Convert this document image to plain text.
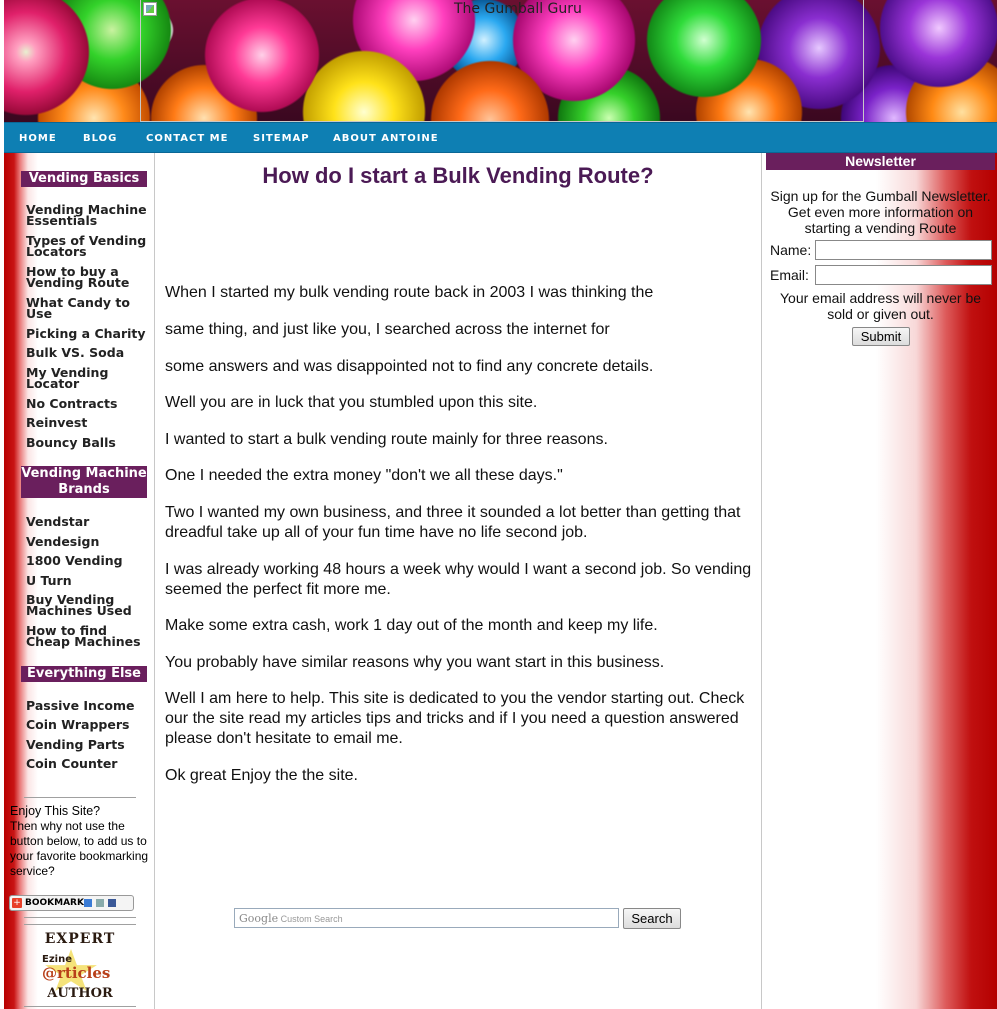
The Gumball Guru
HOME	BLOG	CONTACT ME SITEMAP ABOUT ANTOINE
Vending Basics
Vending Machine Essentials
Types of Vending Locators
How to buy a Vending Route
What Candy to Use
Picking a Charity
Bulk VS. Soda
My Vending Locator
No Contracts
Reinvest
Bouncy Balls
Vending Machine Brands
Vendstar
Vendesign
1800 Vending
U Turn
Buy Vending Machines Used
How to find Cheap Machines
Everything Else
Passive Income
Coin Wrappers
Vending Parts
Coin Counter
Enjoy This Site?
Then why not use the button below, to add us to your favorite bookmarking service?
+ BOOKMARK
EXPERT
Ezine
@rticles
AUTHOR
How do I start a Bulk Vending Route?
When I started my bulk vending route back in 2003 I was thinking the
same thing, and just like you, I searched across the internet for
some answers and was disappointed not to find any concrete details.
Well you are in luck that you stumbled upon this site.
I wanted to start a bulk vending route mainly for three reasons.
One I needed the extra money "don't we all these days."
Two I wanted my own business, and three it sounded a lot better than getting that dreadful take up all of your fun time have no life second job.
I was already working 48 hours a week why would I want a second job. So vending seemed the perfect fit more me.
Make some extra cash, work 1 day out of the month and keep my life.
You probably have similar reasons why you want start in this business.
Well I am here to help. This site is dedicated to you the vendor starting out. Check our the site read my articles tips and tricks and if I you need a question answered please don't hesitate to email me.
Ok great Enjoy the the site.
Google Custom Search	Search
Newsletter
Sign up for the Gumball Newsletter. Get even more information on starting a vending Route
Name:
Email:
Your email address will never be sold or given out.
Submit
